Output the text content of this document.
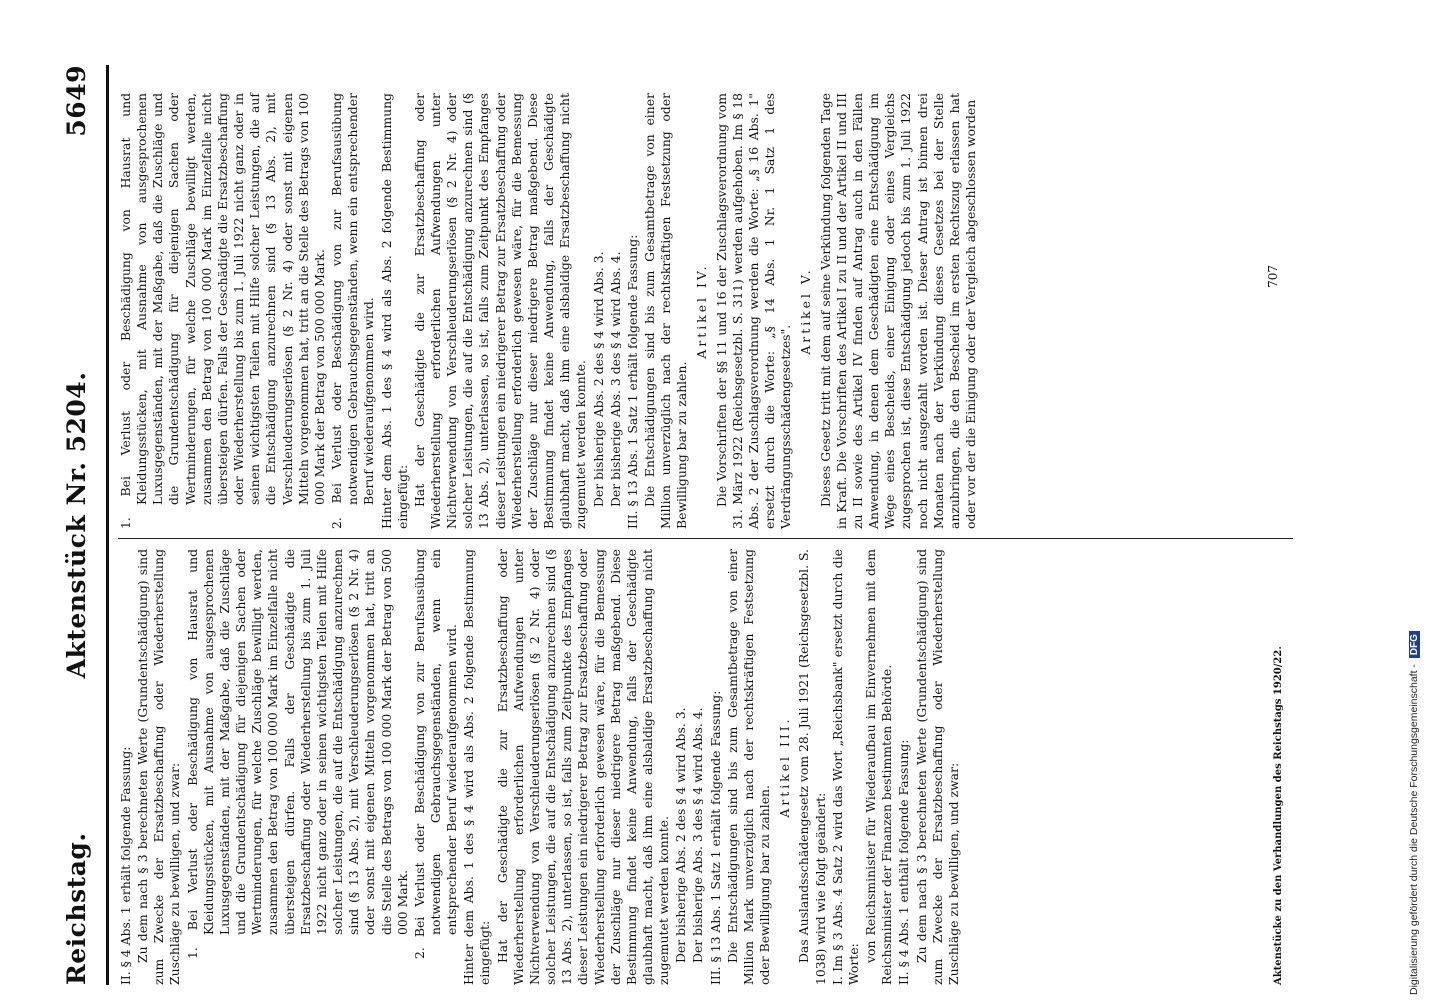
Reichstag.
Aktenstück Nr. 5204.
5649

II. § 4 Abs. 1 erhält folgende Fassung: Zu dem nach § 3 berechneten Werte (Grundentschädigung) sind zum Zwecke der Ersatzbeschaffung oder Wiederherstellung Zuschläge zu bewilligen, und zwar: 1. Bei Verlust oder Beschädigung von Hausrat und Kleidungsstücken, mit Ausnahme von ausgesprochenen Luxusgegenständen, mit der Maßgabe, daß die Zuschläge und die Grundentschädigung für diejenigen Sachen oder Wertminderungen, für welche Zuschläge bewilligt werden, zusammen den Betrag von 100 000 Mark im Einzelfalle nicht übersteigen dürfen. Falls der Geschädigte die Ersatzbeschaffung oder Wiederherstellung bis zum 1. Juli 1922 nicht ganz oder in seinen wichtigsten Teilen mit Hilfe solcher Leistungen, die auf die Entschädigung anzurechnen sind (§ 13 Abs. 2), mit Verschleuderungserlösen (§ 2 Nr. 4) oder sonst mit eigenen Mitteln vorgenommen hat, tritt an die Stelle des Betrags von 100 000 Mark der Betrag von 500 000 Mark. 2. Bei Verlust oder Beschädigung von zur Berufsausübung notwendigen Gebrauchsgegenständen, wenn ein entsprechender Beruf wiederaufgenommen wird. Hinter dem Abs. 1 des § 4 wird als Abs. 2 folgende Bestimmung eingefügt: Hat der Geschädigte die zur Ersatzbeschaffung oder Wiederherstellung erforderlichen Aufwendungen unter Nichtverwendung von Verschleuderungserlösen (§ 2 Nr. 4) oder solcher Leistungen, die auf die Entschädigung anzurechnen sind (§ 13 Abs. 2), unterlassen, so ist, falls zum Zeitpunkte des Empfanges dieser Leistungen ein niedrigerer Betrag zur Ersatzbeschaffung oder Wiederherstellung erforderlich gewesen wäre, für die Bemessung der Zuschläge nur dieser niedrigere Betrag maßgebend. Diese Bestimmung findet keine Anwendung, falls der Geschädigte glaubhaft macht, daß ihm eine alsbaldige Ersatzbeschaffung nicht zugemutet werden konnte. Der bisherige Abs. 2 des § 4 wird Abs. 3. Der bisherige Abs. 3 des § 4 wird Abs. 4. III. § 13 Abs. 1 Satz 1 erhält folgende Fassung: Die Entschädigungen sind bis zum Gesamtbetrage von einer Million Mark unverzüglich nach der rechtskräftigen Festsetzung oder Bewilligung bar zu zahlen.

Artikel III. Das Auslandsschädengesetz vom 28. Juli 1921 (Reichsgesetzbl. S. 1038) wird wie folgt geändert: I. Im § 3 Abs. 4 Satz 2 wird das Wort „Reichsbank" ersetzt durch die Worte:

von Reichsminister für Wiederaufbau im Einvernehmen mit dem Reichsminister der Finanzen bestimmten Behörde. II. § 4 Abs. 1 enthält folgende Fassung: Zu dem nach § 3 berechneten Werte (Grundentschädigung) sind zum Zwecke der Ersatzbeschaffung oder Wiederherstellung Zuschläge zu bewilligen, und zwar:

1. Bei Verlust oder Beschädigung von Hausrat und Kleidungsstücken, mit Ausnahme von ausgesprochenen Luxusgegenständen, mit der Maßgabe, daß die Zuschläge und die Grundentschädigung für diejenigen Sachen oder Wertminderungen, für welche Zuschläge bewilligt werden, zusammen den Betrag von 100 000 Mark im Einzelfalle nicht übersteigen dürfen. Falls der Geschädigte die Ersatzbeschaffung oder Wiederherstellung bis zum 1. Juli 1922 nicht ganz oder in seinen wichtigsten Teilen mit Hilfe solcher Leistungen, die auf die Entschädigung anzurechnen sind (§ 13 Abs. 2), mit Verschleuderungserlösen (§ 2 Nr. 4) oder sonst mit eigenen Mitteln vorgenommen hat, tritt an die Stelle des Betrags von 100 000 Mark der Betrag von 500 000 Mark. 2. Bei Verlust oder Beschädigung von zur Berufsausübung notwendigen Gebrauchsgegenständen, wenn ein entsprechender Beruf wiederaufgenommen wird. Hinter dem Abs. 1 des § 4 wird als Abs. 2 folgende Bestimmung eingefügt: Hat der Geschädigte die zur Ersatzbeschaffung oder Wiederherstellung erforderlichen Aufwendungen unter Nichtverwendung von Verschleuderungserlösen (§ 2 Nr. 4) oder solcher Leistungen, die auf die Entschädigung anzurechnen sind (§ 13 Abs. 2), unterlassen, so ist, falls zum Zeitpunkt des Empfanges dieser Leistungen ein niedrigerer Betrag zur Ersatzbeschaffung oder Wiederherstellung erforderlich gewesen wäre, für die Bemessung der Zuschläge nur dieser niedrigere Betrag maßgebend. Diese Bestimmung findet keine Anwendung, falls der Geschädigte glaubhaft macht, daß ihm eine alsbaldige Ersatzbeschaffung nicht zugemutet werden konnte. Der bisherige Abs. 2 des § 4 wird Abs. 3. Der bisherige Abs. 3 des § 4 wird Abs. 4. III. § 13 Abs. 1 Satz 1 erhält folgende Fassung: Die Entschädigungen sind bis zum Gesamtbetrage von einer Million unverzüglich nach der rechtskräftigen Festsetzung oder Bewilligung bar zu zahlen.

Artikel IV. Die Vorschriften der §§ 11 und 16 der Zuschlagsverordnung vom 31. März 1922 (Reichsgesetzbl. S. 311) werden aufgehoben. Im § 18 Abs. 2 der Zuschlagsverordnung werden die Worte: „§ 16 Abs. 1" ersetzt durch die Worte: „§ 14 Abs. 1 Nr. 1 Satz 1 des Verdrängungsschädengesetzes".

Artikel V. Dieses Gesetz tritt mit dem auf seine Verkündung folgenden Tage in Kraft. Die Vorschriften des Artikel I zu II und der Artikel II und III zu II sowie des Artikel IV finden auf Antrag auch in den Fällen Anwendung, in denen dem Geschädigten eine Entschädigung im Wege eines Bescheids, einer Einigung oder eines Vergleichs zugesprochen ist, diese Entschädigung jedoch bis zum 1. Juli 1922 noch nicht ausgezahlt worden ist. Dieser Antrag ist binnen drei Monaten nach der Verkündung dieses Gesetzes bei der Stelle anzubringen, die den Bescheid im ersten Rechtszug erlassen hat oder vor der die Einigung oder der Vergleich abgeschlossen worden

Aktenstücke zu den Verhandlungen des Reichstags 1920/22.
707
Digitalisierung gefördert durch die Deutsche Forschungsgemeinschaft - DFG
